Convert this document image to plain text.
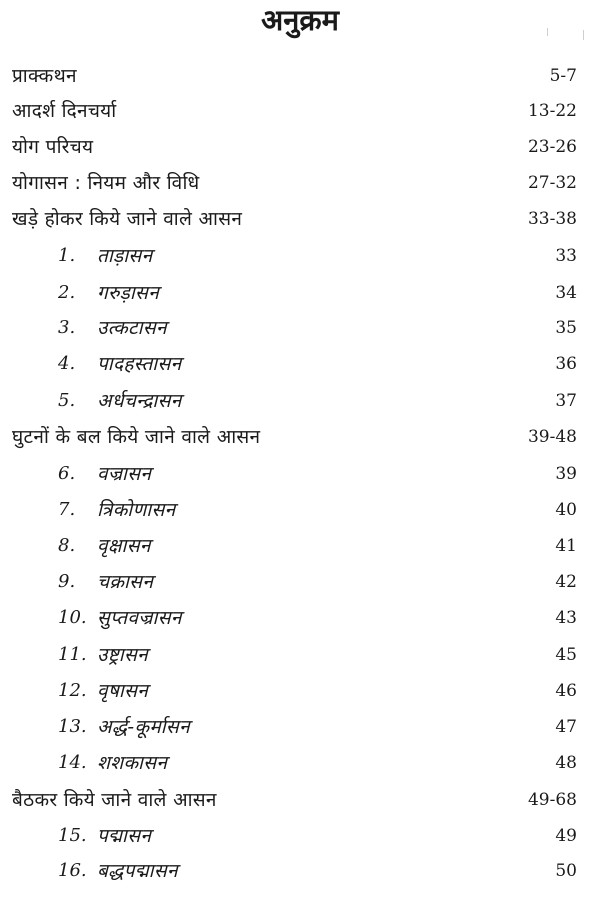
अनुक्रम
प्राक्कथन	5-7
आदर्श दिनचर्या	13-22
योग परिचय	23-26
योगासन : नियम और विधि	27-32
खड़े होकर किये जाने वाले आसन	33-38
1. ताड़ासन	33
2. गरुड़ासन	34
3. उत्कटासन	35
4. पादहस्तासन	36
5. अर्धचन्द्रासन	37
घुटनों के बल किये जाने वाले आसन	39-48
6. वज्रासन	39
7. त्रिकोणासन	40
8. वृक्षासन	41
9. चक्रासन	42
10. सुप्तवज्रासन	43
11. उष्ट्रासन	45
12. वृषासन	46
13. अर्द्ध-कूर्मासन	47
14. शशकासन	48
बैठकर किये जाने वाले आसन	49-68
15. पद्मासन	49
16. बद्धपद्मासन	50
